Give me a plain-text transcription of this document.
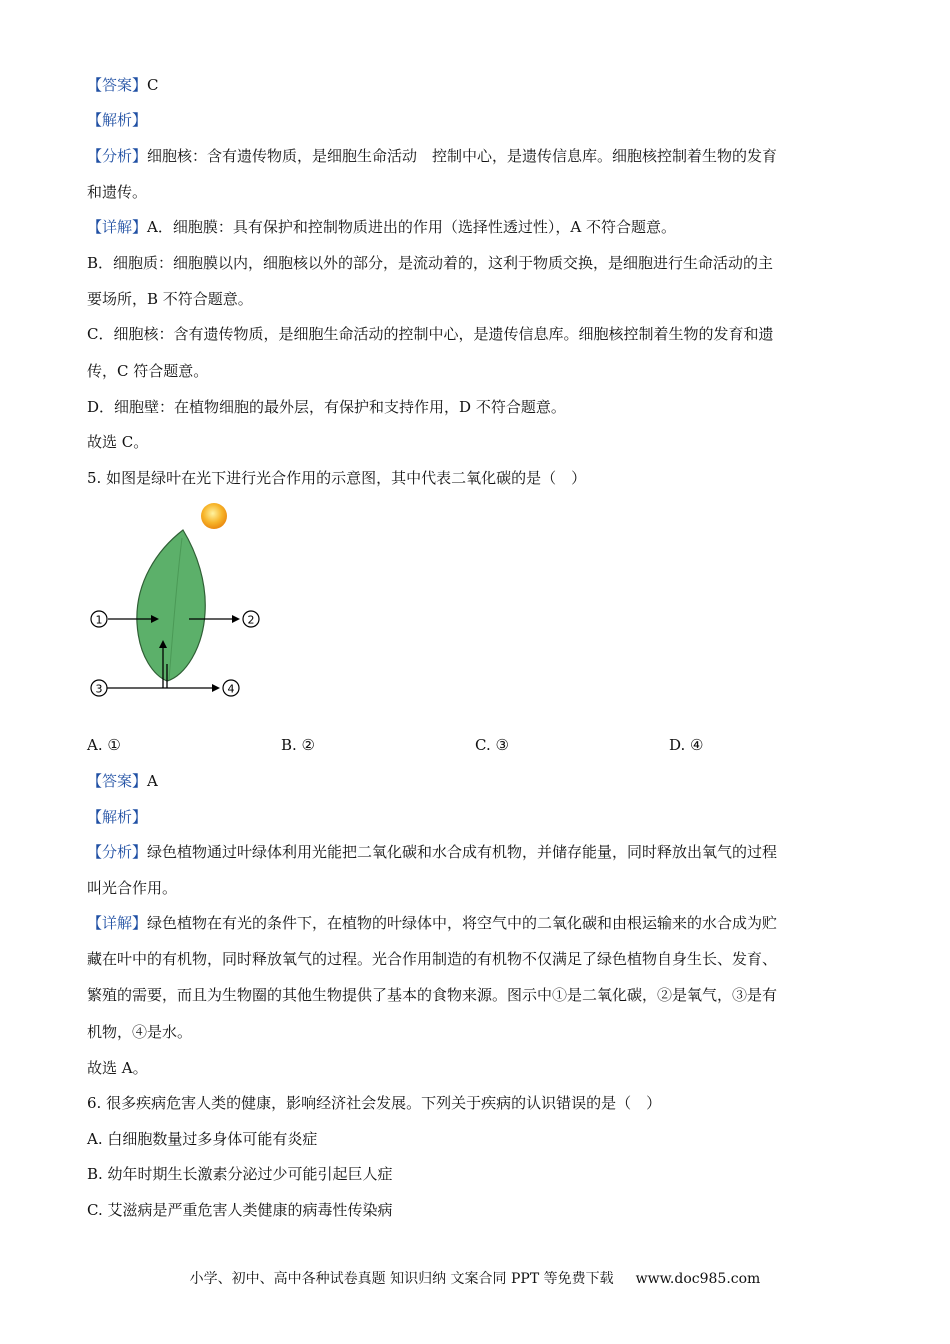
【答案】C
【解析】
【分析】细胞核：含有遗传物质，是细胞生命活动　控制中心，是遗传信息库。细胞核控制着生物的发育
和遗传。
【详解】A．细胞膜：具有保护和控制物质进出的作用（选择性透过性），A 不符合题意。
B．细胞质：细胞膜以内，细胞核以外的部分，是流动着的，这利于物质交换，是细胞进行生命活动的主
要场所，B 不符合题意。
C．细胞核：含有遗传物质，是细胞生命活动的控制中心，是遗传信息库。细胞核控制着生物的发育和遗
传，C 符合题意。
D．细胞壁：在植物细胞的最外层，有保护和支持作用，D 不符合题意。
故选 C。
5. 如图是绿叶在光下进行光合作用的示意图，其中代表二氧化碳的是（　）
1	2
3	4
A. ①	B. ②	C. ③	D. ④
【答案】A
【解析】
【分析】绿色植物通过叶绿体利用光能把二氧化碳和水合成有机物，并储存能量，同时释放出氧气的过程
叫光合作用。
【详解】绿色植物在有光的条件下，在植物的叶绿体中，将空气中的二氧化碳和由根运输来的水合成为贮
藏在叶中的有机物，同时释放氧气的过程。光合作用制造的有机物不仅满足了绿色植物自身生长、发育、
繁殖的需要，而且为生物圈的其他生物提供了基本的食物来源。图示中①是二氧化碳，②是氧气，③是有
机物，④是水。
故选 A。
6. 很多疾病危害人类的健康，影响经济社会发展。下列关于疾病的认识错误的是（　）
A. 白细胞数量过多身体可能有炎症
B. 幼年时期生长激素分泌过少可能引起巨人症
C. 艾滋病是严重危害人类健康的病毒性传染病
小学、初中、高中各种试卷真题 知识归纳 文案合同 PPT 等免费下载 www.doc985.com
